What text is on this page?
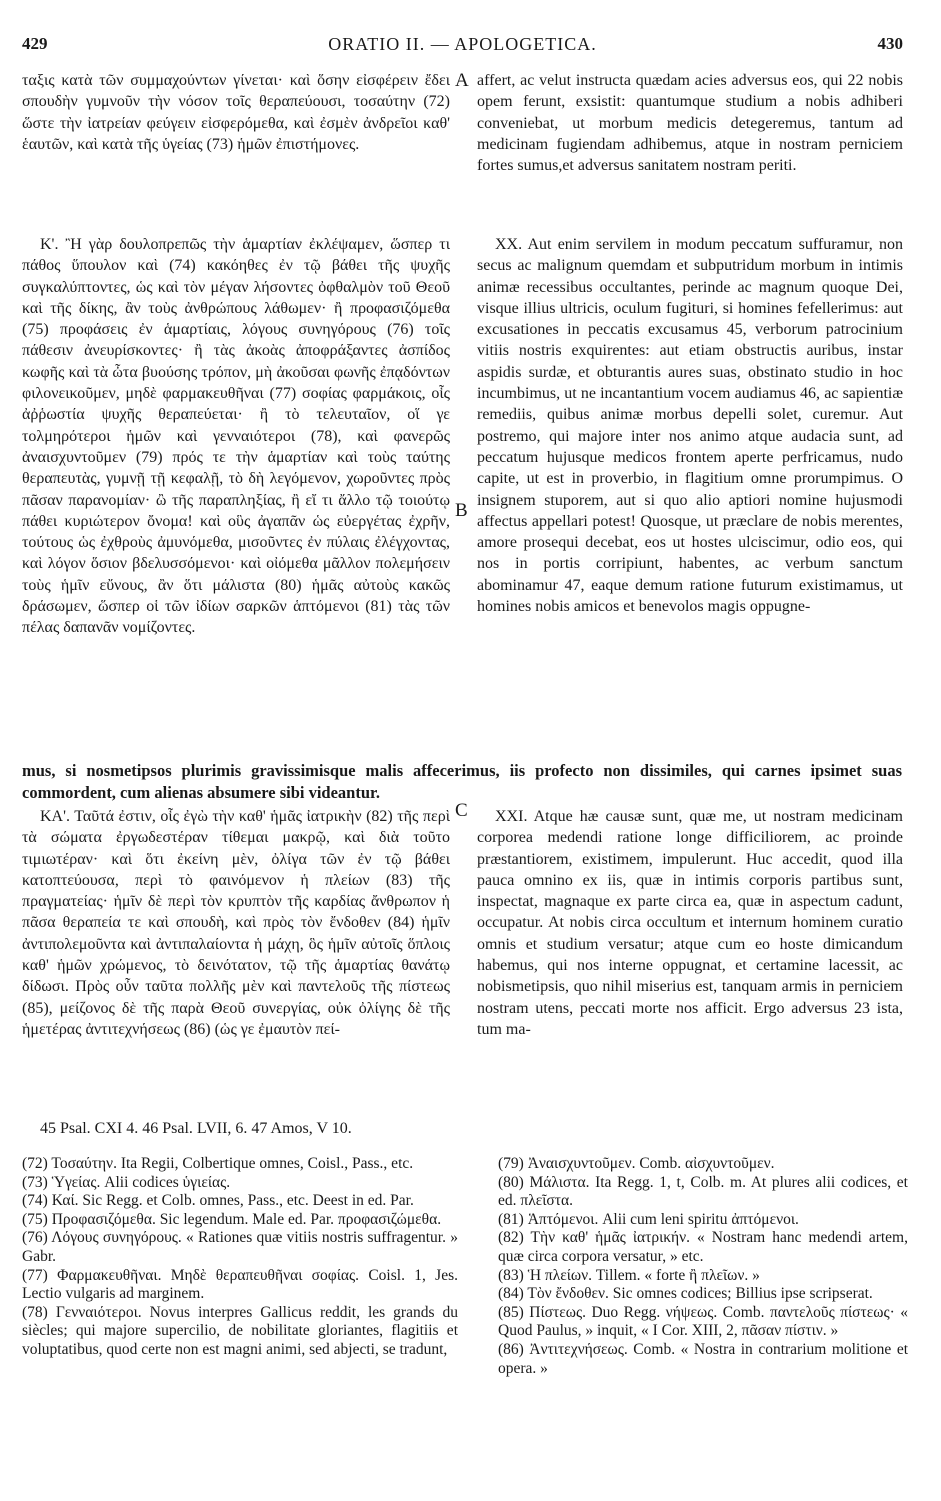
429	ORATIO II. — APOLOGETICA.	430

ταξις κατὰ τῶν συμμαχούντων γίνεται· καὶ ὅσην εἰσφέρειν ἔδει σπουδὴν γυμνοῦν τὴν νόσον τοῖς θεραπεύουσι, τοσαύτην (72) ὥστε τὴν ἰατρείαν φεύγειν εἰσφερόμεθα, καὶ ἐσμὲν ἀνδρεῖοι καθ' ἑαυτῶν, καὶ κατὰ τῆς ὑγείας (73) ἡμῶν ἐπιστήμονες.

Κ'. Ἢ γὰρ δουλοπρεπῶς τὴν ἁμαρτίαν ἐκλέψαμεν, ὥσπερ τι πάθος ὕπουλον καὶ (74) κακόηθες ἐν τῷ βάθει τῆς ψυχῆς συγκαλύπτοντες, ὡς καὶ τὸν μέγαν λήσοντες ὀφθαλμὸν τοῦ Θεοῦ καὶ τῆς δίκης, ἂν τοὺς ἀνθρώπους λάθωμεν· ἢ προφασιζόμεθα (75) προφάσεις ἐν ἁμαρτίαις, λόγους συνηγόρους (76) τοῖς πάθεσιν ἀνευρίσκοντες· ἢ τὰς ἀκοὰς ἀποφράξαντες ἀσπίδος κωφῆς καὶ τὰ ὦτα βυούσης τρόπον, μὴ ἀκοῦσαι φωνῆς ἐπᾳδόντων φιλονεικοῦμεν, μηδὲ φαρμακευθῆναι (77) σοφίας φαρμάκοις, οἷς ἀῤῥωστία ψυχῆς θεραπεύεται· ἢ τὸ τελευταῖον, οἵ γε τολμηρότεροι ἡμῶν καὶ γενναιότεροι (78), καὶ φανερῶς ἀναισχυντοῦμεν (79) πρός τε τὴν ἁμαρτίαν καὶ τοὺς ταύτης θεραπευτὰς, γυμνῇ τῇ κεφαλῇ, τὸ δὴ λεγόμενον, χωροῦντες πρὸς πᾶσαν παρανομίαν· ὢ τῆς παραπληξίας, ἢ εἴ τι ἄλλο τῷ τοιούτῳ πάθει κυριώτερον ὄνομα! καὶ οὓς ἀγαπᾶν ὡς εὐεργέτας ἐχρῆν, τούτους ὡς ἐχθροὺς ἀμυνόμεθα, μισοῦντες ἐν πύλαις ἐλέγχοντας, καὶ λόγον ὅσιον βδελυσσόμενοι· καὶ οἰόμεθα μᾶλλον πολεμήσειν τοὺς ἡμῖν εὔνους, ἂν ὅτι μάλιστα (80) ἡμᾶς αὐτοὺς κακῶς δράσωμεν, ὥσπερ οἱ τῶν ἰδίων σαρκῶν ἁπτόμενοι (81) τὰς τῶν πέλας δαπανᾶν νομίζοντες.

affert, ac velut instructa quædam acies adversus eos, qui 22 nobis opem ferunt, exsistit: quantumque studium a nobis adhiberi conveniebat, ut morbum medicis detegeremus, tantum ad medicinam fugiendam adhibemus, atque in nostram perniciem fortes sumus,et adversus sanitatem nostram periti.

XX. Aut enim servilem in modum peccatum suffuramur, non secus ac malignum quemdam et subputridum morbum in intimis animæ recessibus occultantes, perinde ac magnum quoque Dei, visque illius ultricis, oculum fugituri, si homines fefellerimus: aut excusationes in peccatis excusamus 45, verborum patrocinium vitiis nostris exquirentes: aut etiam obstructis auribus, instar aspidis surdæ, et obturantis aures suas, obstinato studio in hoc incumbimus, ut ne incantantium vocem audiamus 46, ac sapientiæ remediis, quibus animæ morbus depelli solet, curemur. Aut postremo, qui majore inter nos animo atque audacia sunt, ad peccatum hujusque medicos frontem aperte perfricamus, nudo capite, ut est in proverbio, in flagitium omne prorumpimus. O insignem stuporem, aut si quo alio aptiori nomine hujusmodi affectus appellari potest! Quosque, ut præclare de nobis merentes, amore prosequi decebat, eos ut hostes ulciscimur, odio eos, qui nos in portis corripiunt, habentes, ac verbum sanctum abominamur 47, eaque demum ratione futurum existimamus, ut homines nobis amicos et benevolos magis oppugne-

A
B
C

mus, si nosmetipsos plurimis gravissimisque malis affecerimus, iis profecto non dissimiles, qui carnes ipsimet suas commordent, cum alienas absumere sibi videantur.

ΚΑ'. Ταῦτά ἐστιν, οἷς ἐγὼ τὴν καθ' ἡμᾶς ἰατρικὴν (82) τῆς περὶ τὰ σώματα ἐργωδεστέραν τίθεμαι μακρῷ, καὶ διὰ τοῦτο τιμιωτέραν· καὶ ὅτι ἐκείνη μὲν, ὀλίγα τῶν ἐν τῷ βάθει κατοπτεύουσα, περὶ τὸ φαινόμενον ἡ πλείων (83) τῆς πραγματείας· ἡμῖν δὲ περὶ τὸν κρυπτὸν τῆς καρδίας ἄνθρωπον ἡ πᾶσα θεραπεία τε καὶ σπουδὴ, καὶ πρὸς τὸν ἔνδοθεν (84) ἡμῖν ἀντιπολεμοῦντα καὶ ἀντιπαλαίοντα ἡ μάχη, ὃς ἡμῖν αὐτοῖς ὅπλοις καθ' ἡμῶν χρώμενος, τὸ δεινότατον, τῷ τῆς ἁμαρτίας θανάτῳ δίδωσι. Πρὸς οὖν ταῦτα πολλῆς μὲν καὶ παντελοῦς τῆς πίστεως (85), μείζονος δὲ τῆς παρὰ Θεοῦ συνεργίας, οὐκ ὀλίγης δὲ τῆς ἡμετέρας ἀντιτεχνήσεως (86) (ὡς γε ἐμαυτὸν πεί-

XXI. Atque hæ causæ sunt, quæ me, ut nostram medicinam corporea medendi ratione longe difficiliorem, ac proinde præstantiorem, existimem, impulerunt. Huc accedit, quod illa pauca omnino ex iis, quæ in intimis corporis partibus sunt, inspectat, magnaque ex parte circa ea, quæ in aspectum cadunt, occupatur. At nobis circa occultum et internum hominem curatio omnis et studium versatur; atque cum eo hoste dimicandum habemus, qui nos interne oppugnat, et certamine lacessit, ac nobismetipsis, quo nihil miserius est, tanquam armis in perniciem nostram utens, peccati morte nos afficit. Ergo adversus 23 ista, tum ma-

45 Psal. CXI 4. 46 Psal. LVII, 6. 47 Amos, V 10.

(72) Τοσαύτην. Ita Regii, Colbertique omnes, Coisl., Pass., etc.

(73) Ὑγείας. Alii codices ὑγιείας.

(74) Καί. Sic Regg. et Colb. omnes, Pass., etc. Deest in ed. Par.

(75) Προφασιζόμεθα. Sic legendum. Male ed. Par. προφασιζώμεθα.

(76) Λόγους συνηγόρους. « Rationes quæ vitiis nostris suffragentur. » Gabr.

(77) Φαρμακευθῆναι. Μηδὲ θεραπευθῆναι σοφίας. Coisl. 1, Jes. Lectio vulgaris ad marginem.

(78) Γενναιότεροι. Novus interpres Gallicus reddit, les grands du siècles; qui majore supercilio, de nobilitate gloriantes, flagitiis et voluptatibus, quod certe non est magni animi, sed abjecti, se tradunt,

(79) Ἀναισχυντοῦμεν. Comb. αἰσχυντοῦμεν.

(80) Μάλιστα. Ita Regg. 1, t, Colb. m. At plures alii codices, et ed. πλεῖστα.

(81) Ἁπτόμενοι. Alii cum leni spiritu ἀπτόμενοι.

(82) Τὴν καθ' ἡμᾶς ἰατρικήν. « Nostram hanc medendi artem, quæ circa corpora versatur, » etc.

(83) Ἡ πλείων. Tillem. « forte ἢ πλεῖων. »

(84) Τὸν ἔνδοθεν. Sic omnes codices; Billius ipse scripserat.

(85) Πίστεως. Duo Regg. νήψεως. Comb. παντελοῦς πίστεως· « Quod Paulus, » inquit, « I Cor. XIII, 2, πᾶσαν πίστιν. »

(86) Ἀντιτεχνήσεως. Comb. « Nostra in contrarium molitione et opera. »
